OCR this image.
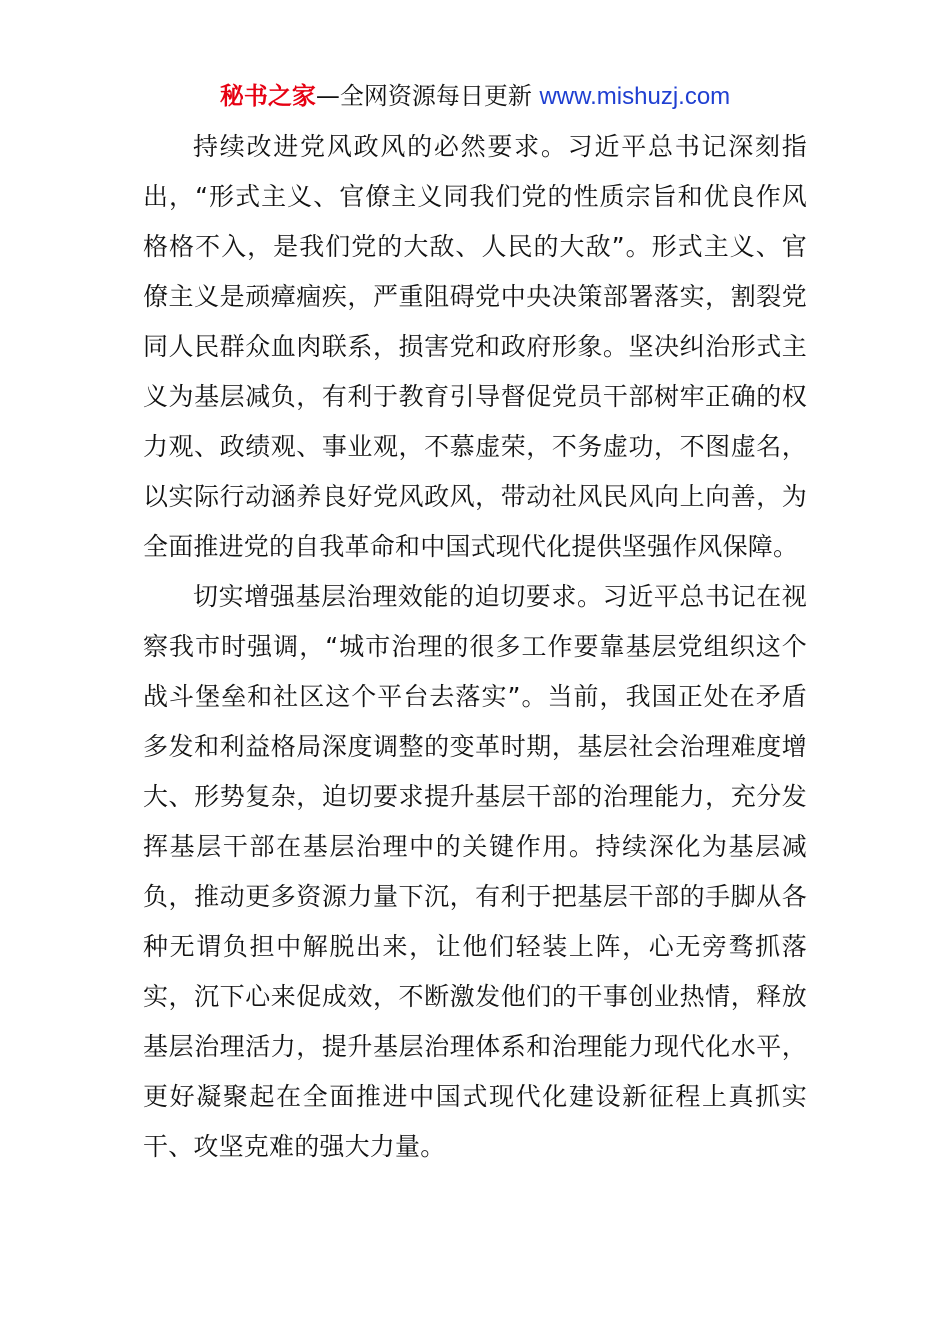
秘书之家—全网资源每日更新 www.mishuzj.com

持续改进党风政风的必然要求。习近平总书记深刻指出，“形式主义、官僚主义同我们党的性质宗旨和优良作风格格不入，是我们党的大敌、人民的大敌”。形式主义、官僚主义是顽瘴痼疾，严重阻碍党中央决策部署落实，割裂党同人民群众血肉联系，损害党和政府形象。坚决纠治形式主义为基层减负，有利于教育引导督促党员干部树牢正确的权力观、政绩观、事业观，不慕虚荣，不务虚功，不图虚名，以实际行动涵养良好党风政风，带动社风民风向上向善，为全面推进党的自我革命和中国式现代化提供坚强作风保障。

切实增强基层治理效能的迫切要求。习近平总书记在视察我市时强调，“城市治理的很多工作要靠基层党组织这个战斗堡垒和社区这个平台去落实”。当前，我国正处在矛盾多发和利益格局深度调整的变革时期，基层社会治理难度增大、形势复杂，迫切要求提升基层干部的治理能力，充分发挥基层干部在基层治理中的关键作用。持续深化为基层减负，推动更多资源力量下沉，有利于把基层干部的手脚从各种无谓负担中解脱出来，让他们轻装上阵，心无旁骛抓落实，沉下心来促成效，不断激发他们的干事创业热情，释放基层治理活力，提升基层治理体系和治理能力现代化水平，更好凝聚起在全面推进中国式现代化建设新征程上真抓实干、攻坚克难的强大力量。
